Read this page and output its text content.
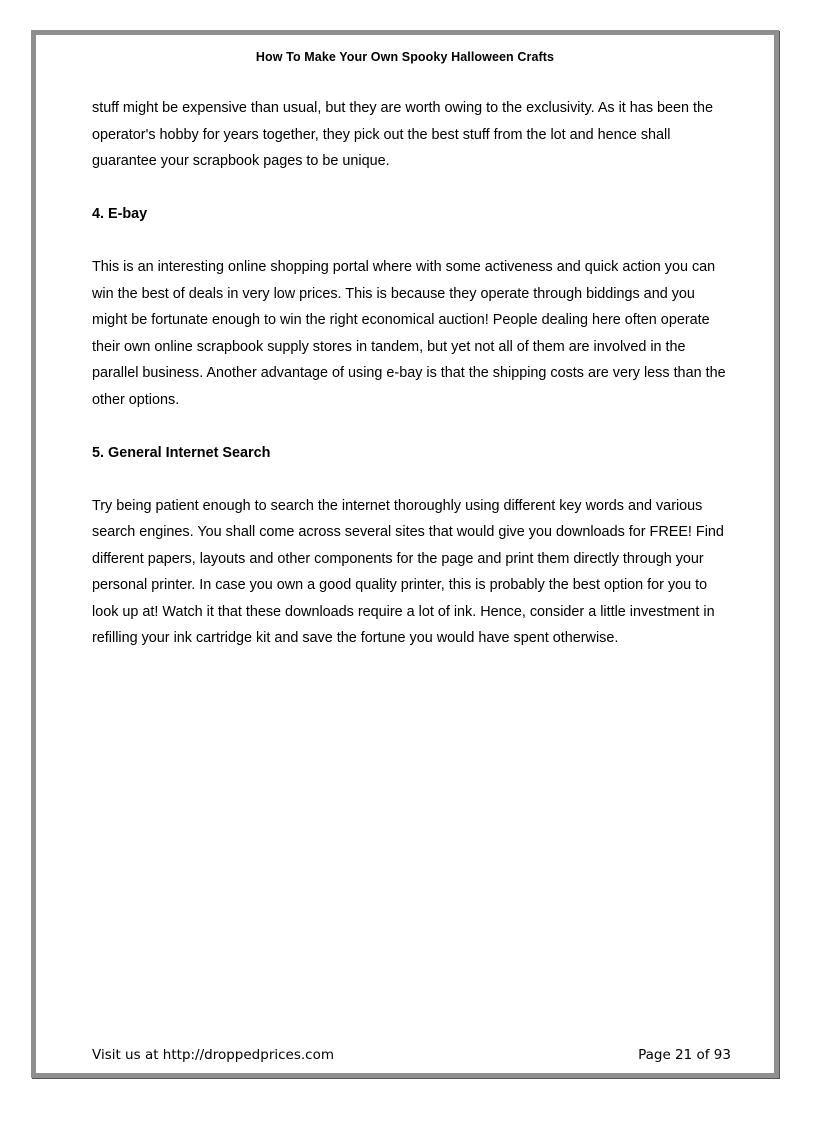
How To Make Your Own Spooky Halloween Crafts

stuff might be expensive than usual, but they are worth owing to the exclusivity. As it has been the operator's hobby for years together, they pick out the best stuff from the lot and hence shall guarantee your scrapbook pages to be unique.

4. E-bay

This is an interesting online shopping portal where with some activeness and quick action you can win the best of deals in very low prices. This is because they operate through biddings and you might be fortunate enough to win the right economical auction! People dealing here often operate their own online scrapbook supply stores in tandem, but yet not all of them are involved in the parallel business. Another advantage of using e-bay is that the shipping costs are very less than the other options.

5. General Internet Search

Try being patient enough to search the internet thoroughly using different key words and various search engines. You shall come across several sites that would give you downloads for FREE! Find different papers, layouts and other components for the page and print them directly through your personal printer. In case you own a good quality printer, this is probably the best option for you to look up at! Watch it that these downloads require a lot of ink. Hence, consider a little investment in refilling your ink cartridge kit and save the fortune you would have spent otherwise.

Visit us at http://droppedprices.com	Page 21 of 93
